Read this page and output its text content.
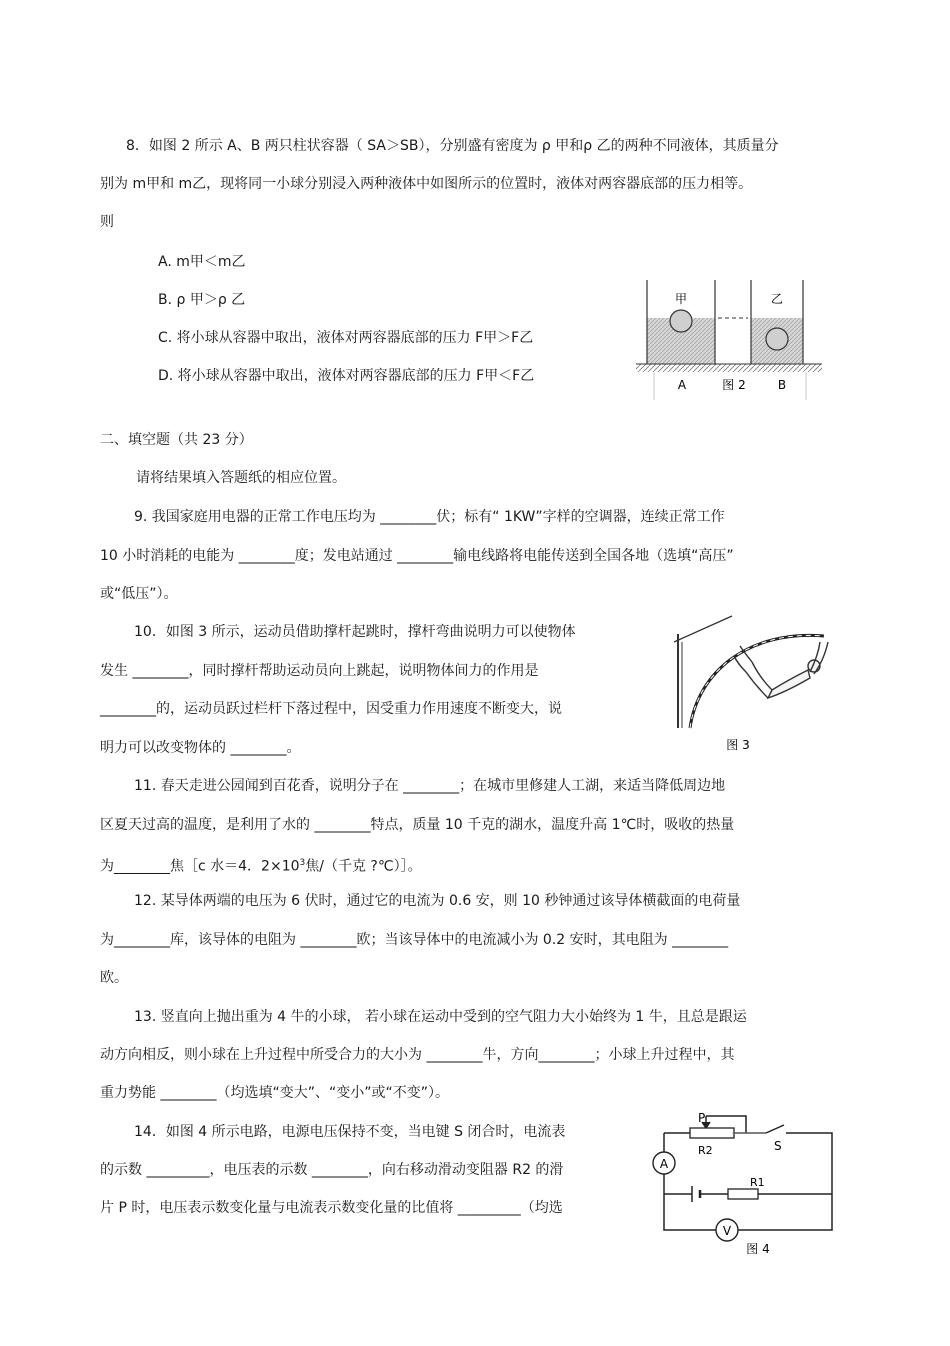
8．如图 2 所示 A、B 两只柱状容器（ SA＞SB），分别盛有密度为 ρ 甲和ρ 乙的两种不同液体，其质量分
别为 m甲和 m乙，现将同一小球分别浸入两种液体中如图所示的位置时，液体对两容器底部的压力相等。
则
A. m甲＜m乙
B. ρ 甲＞ρ 乙
C. 将小球从容器中取出，液体对两容器底部的压力 F甲＞F乙
D. 将小球从容器中取出，液体对两容器底部的压力 F甲＜F乙
甲	乙
A	图 2	B
二、填空题（共 23 分）
请将结果填入答题纸的相应位置。
9. 我国家庭用电器的正常工作电压均为 ________伏；标有“ 1KW”字样的空调器，连续正常工作
10 小时消耗的电能为 ________度；发电站通过 ________输电线路将电能传送到全国各地（选填“高压”
或“低压”）。
10．如图 3 所示，运动员借助撑杆起跳时，撑杆弯曲说明力可以使物体
发生 ________，同时撑杆帮助运动员向上跳起，说明物体间力的作用是
________的，运动员跃过栏杆下落过程中，因受重力作用速度不断变大，说
明力可以改变物体的 ________。	图 3
11. 春天走进公园闻到百花香，说明分子在 ________；在城市里修建人工湖，来适当降低周边地
区夏天过高的温度，是利用了水的 ________特点，质量 10 千克的湖水，温度升高 1℃时，吸收的热量
为________焦［c 水＝4．$2\times 10^3$焦/（千克 ?℃）］。
12. 某导体两端的电压为 6 伏时，通过它的电流为 0.6 安，则 10 秒钟通过该导体横截面的电荷量
为________库，该导体的电阻为 ________欧；当该导体中的电流减小为 0.2 安时，其电阻为 ________
欧。
13. 竖直向上抛出重为 4 牛的小球， 若小球在运动中受到的空气阻力大小始终为 1 牛，且总是跟运
动方向相反，则小球在上升过程中所受合力的大小为 ________牛，方向________；小球上升过程中，其
重力势能 ________（均选填“变大”、“变小”或“不变”）。
14．如图 4 所示电路，电源电压保持不变，当电键 S 闭合时，电流表
的示数 _________，电压表的示数 ________，向右移动滑动变阻器 R2 的滑
片 P 时，电压表示数变化量与电流表示数变化量的比值将 _________（均选
P
R2	S
A
R1
V
图 4
